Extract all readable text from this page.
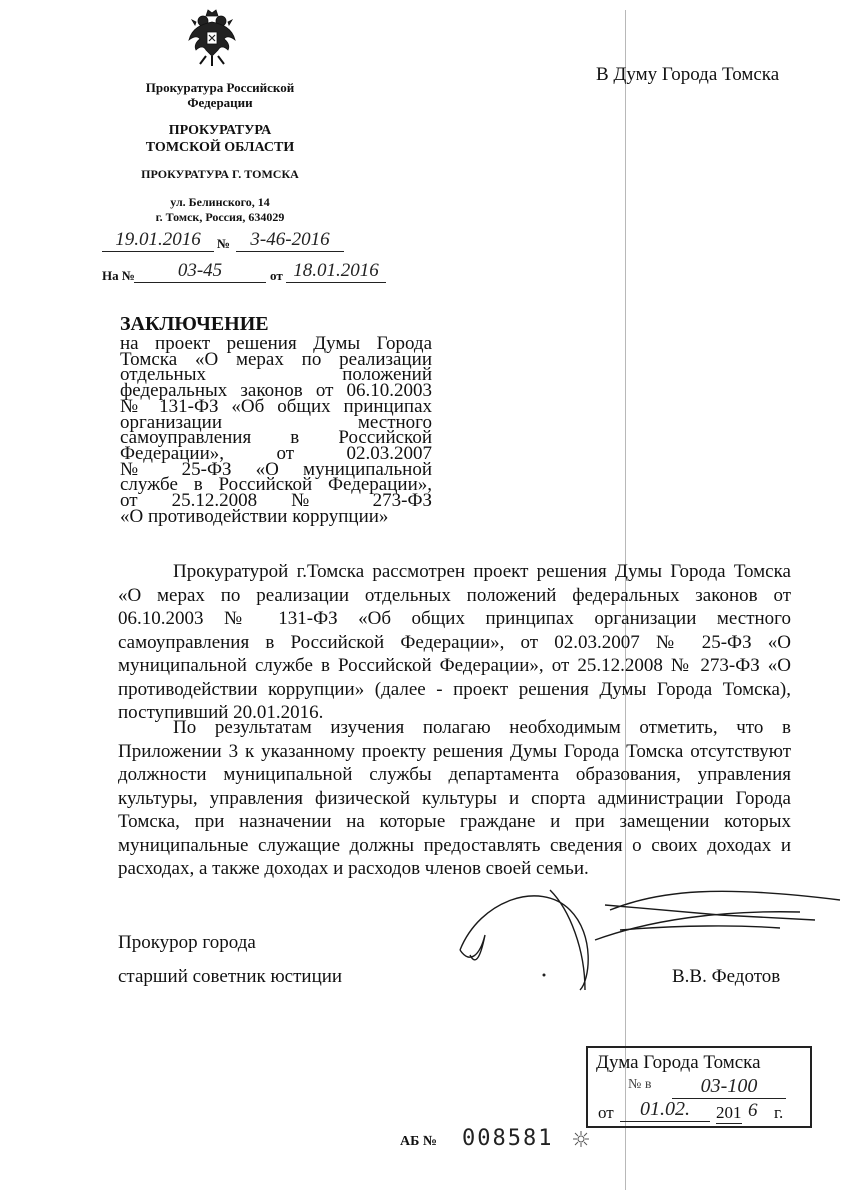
Прокуратура Российской
Федерации
ПРОКУРАТУРА
ТОМСКОЙ ОБЛАСТИ
ПРОКУРАТУРА Г. ТОМСКА
ул. Белинского, 14
г. Томск, Россия, 634029
19.01.2016	№	3-46-2016
На №	03-45	от 18.01.2016
В Думу Города Томска
ЗАКЛЮЧЕНИЕ
на проект решения Думы Города
Томска «О мерах по реализации
отдельных положений
федеральных законов от 06.10.2003
№ 131-ФЗ «Об общих принципах
организации местного
самоуправления в Российской
Федерации», от 02.03.2007
№ 25-ФЗ «О муниципальной
службе в Российской Федерации»,
от 25.12.2008 № 273-ФЗ
«О противодействии коррупции»
Прокуратурой г.Томска рассмотрен проект решения Думы Города Томска «О мерах по реализации отдельных положений федеральных законов от 06.10.2003 № 131-ФЗ «Об общих принципах организации местного самоуправления в Российской Федерации», от 02.03.2007 № 25-ФЗ «О муниципальной службе в Российской Федерации», от 25.12.2008 № 273-ФЗ «О противодействии коррупции» (далее - проект решения Думы Города Томска), поступивший 20.01.2016.
По результатам изучения полагаю необходимым отметить, что в Приложении 3 к указанному проекту решения Думы Города Томска отсутствуют должности муниципальной службы департамента образования, управления культуры, управления физической культуры и спорта администрации Города Томска, при назначении на которые граждане и при замещении которых муниципальные служащие должны предоставлять сведения о своих доходах и расходах, а также доходах и расходов членов своей семьи.
Прокурор города
старший советник юстиции	В.В. Федотов
Дума Города Томска
№ в	03-100
от	01.02.	201 6 г.
АБ № 008581
